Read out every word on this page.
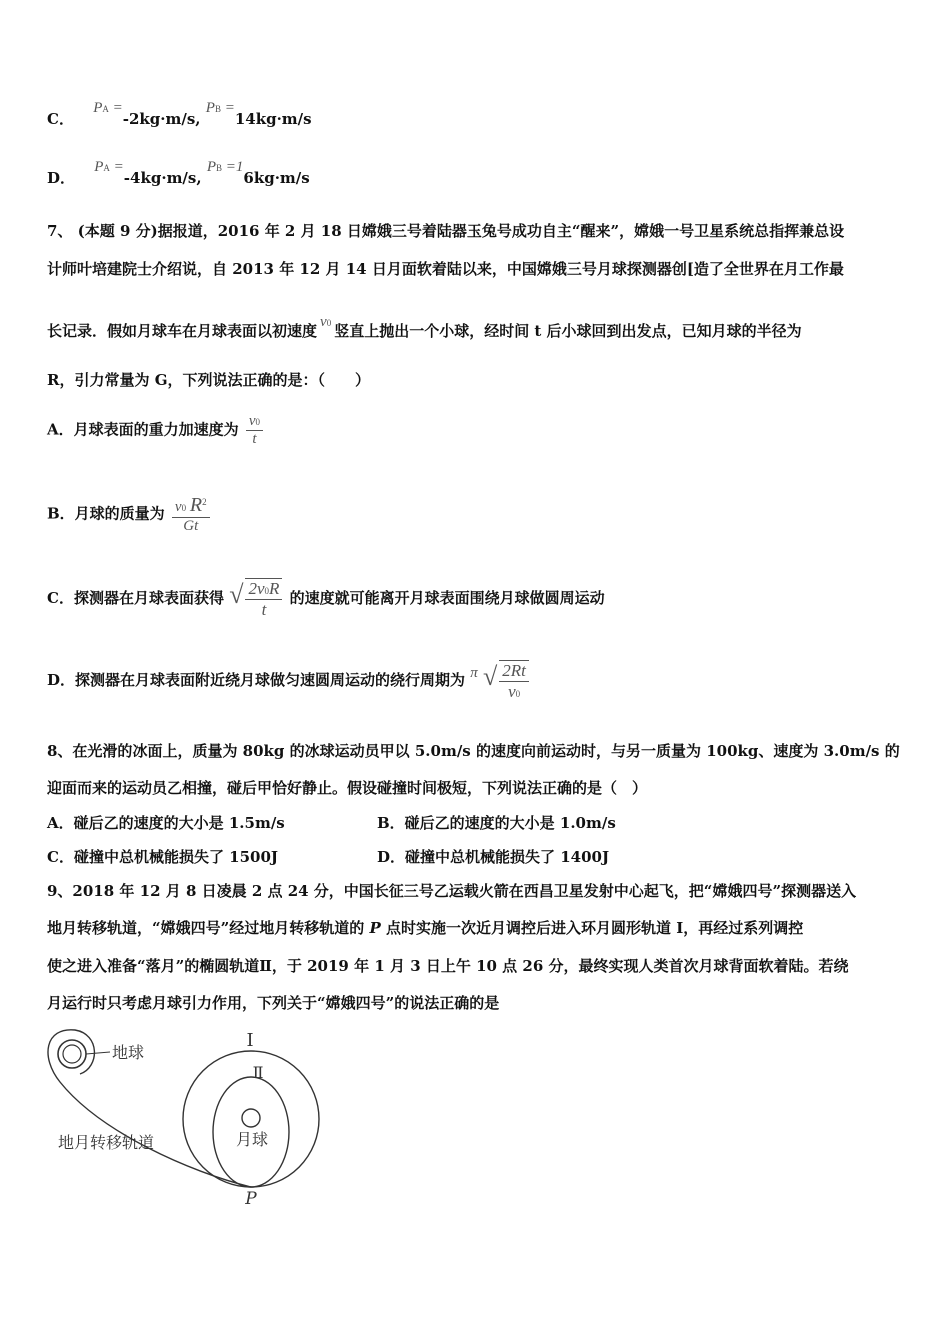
C． PA =-2kg·m/s, PB =14kg·m/s
D． PA =-4kg·m/s, PB =16kg·m/s
7、 (本题 9 分)据报道，2016 年 2 月 18 日嫦娥三号着陆器玉兔号成功自主“醒来”，嫦娥一号卫星系统总指挥兼总设
计师叶培建院士介绍说，自 2013 年 12 月 14 日月面软着陆以来，中国嫦娥三号月球探测器创[造了全世界在月工作最
长记录．假如月球车在月球表面以初速度 v0 竖直上抛出一个小球，经时间 t 后小球回到出发点，已知月球的半径为
R，引力常量为 G，下列说法正确的是：（　　）
A．月球表面的重力加速度为 $\frac{v0}{t}$
B．月球的质量为 $\frac{v0 R^2}{Gt}$
C．探测器在月球表面获得 √ $\frac{2v0R}{t}$ 的速度就可能离开月球表面围绕月球做圆周运动
D．探测器在月球表面附近绕月球做匀速圆周运动的绕行周期为 π √ $\frac{2Rt}{v0}$
8、在光滑的冰面上，质量为 80kg 的冰球运动员甲以 5.0m/s 的速度向前运动时，与另一质量为 100kg、速度为 3.0m/s 的
迎面而来的运动员乙相撞，碰后甲恰好静止。假设碰撞时间极短，下列说法正确的是（　）
A．碰后乙的速度的大小是 1.5m/s	B．碰后乙的速度的大小是 1.0m/s
C．碰撞中总机械能损失了 1500J	D．碰撞中总机械能损失了 1400J
9、2018 年 12 月 8 日凌晨 2 点 24 分，中国长征三号乙运载火箭在西昌卫星发射中心起飞，把“嫦娥四号”探测器送入
地月转移轨道，“嫦娥四号”经过地月转移轨道的 P 点时实施一次近月调控后进入环月圆形轨道 I，再经过系列调控
使之进入准备“落月”的椭圆轨道Ⅱ，于 2019 年 1 月 3 日上午 10 点 26 分，最终实现人类首次月球背面软着陆。若绕
月运行时只考虑月球引力作用，下列关于“嫦娥四号”的说法正确的是
地球
I
Ⅱ
月球
地月转移轨道
P
